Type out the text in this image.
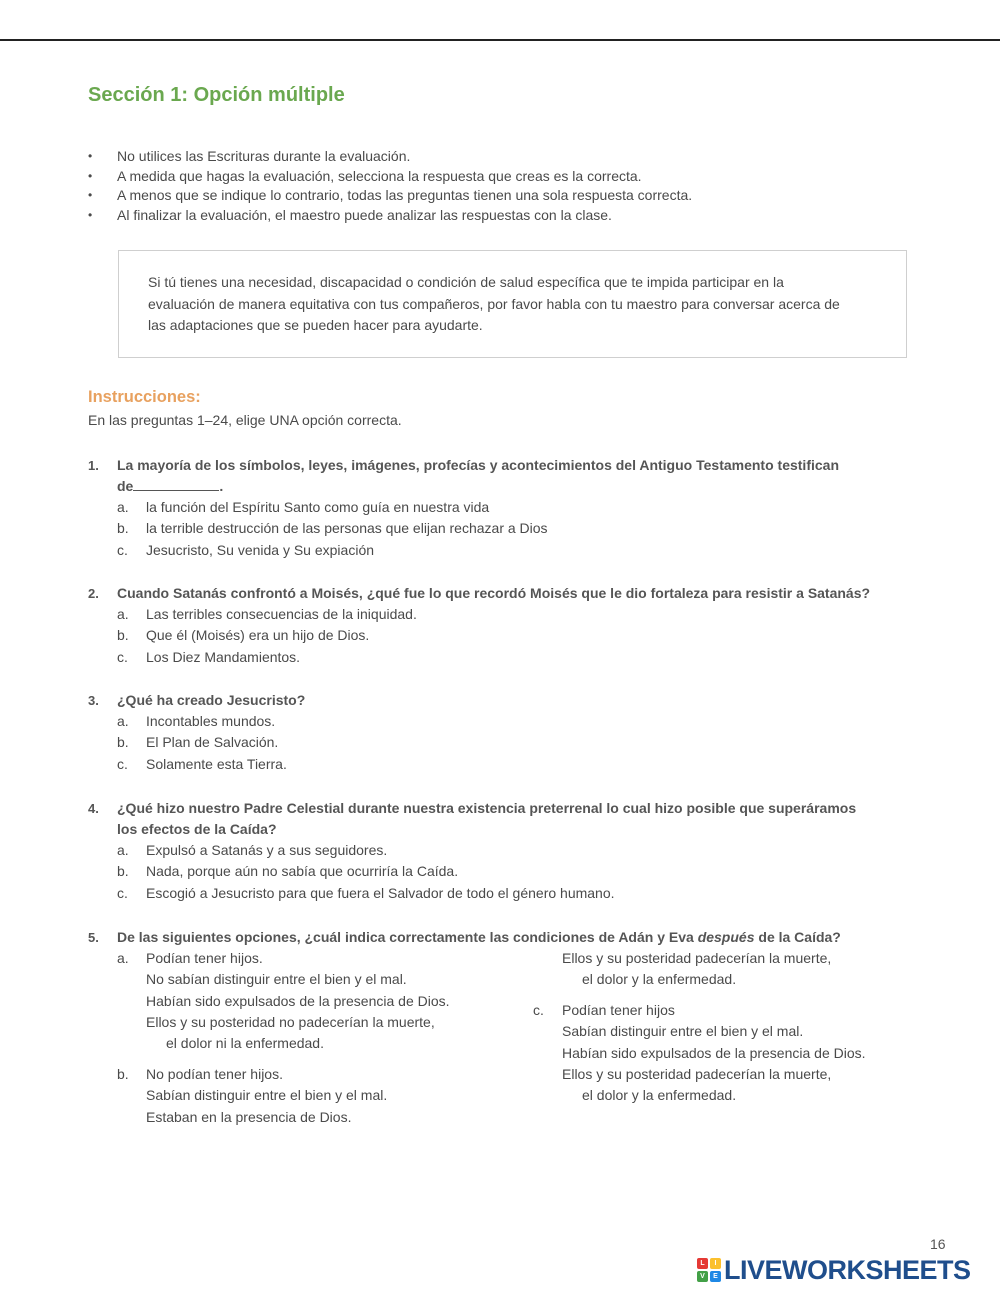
Sección 1: Opción múltiple
• No utilices las Escrituras durante la evaluación.
• A medida que hagas la evaluación, selecciona la respuesta que creas es la correcta.
• A menos que se indique lo contrario, todas las preguntas tienen una sola respuesta correcta.
• Al finalizar la evaluación, el maestro puede analizar las respuestas con la clase.
Si tú tienes una necesidad, discapacidad o condición de salud específica que te impida participar en la
evaluación de manera equitativa con tus compañeros, por favor habla con tu maestro para conversar acerca de
las adaptaciones que se pueden hacer para ayudarte.
Instrucciones:
En las preguntas 1–24, elige UNA opción correcta.
1. La mayoría de los símbolos, leyes, imágenes, profecías y acontecimientos del Antiguo Testamento testifican
de	.
a. la función del Espíritu Santo como guía en nuestra vida
b. la terrible destrucción de las personas que elijan rechazar a Dios
c. Jesucristo, Su venida y Su expiación
2. Cuando Satanás confrontó a Moisés, ¿qué fue lo que recordó Moisés que le dio fortaleza para resistir a Satanás?
a. Las terribles consecuencias de la iniquidad.
b. Que él (Moisés) era un hijo de Dios.
c. Los Diez Mandamientos.
3. ¿Qué ha creado Jesucristo?
a. Incontables mundos.
b. El Plan de Salvación.
c. Solamente esta Tierra.
4. ¿Qué hizo nuestro Padre Celestial durante nuestra existencia preterrenal lo cual hizo posible que superáramos
los efectos de la Caída?
a. Expulsó a Satanás y a sus seguidores.
b. Nada, porque aún no sabía que ocurriría la Caída.
c. Escogió a Jesucristo para que fuera el Salvador de todo el género humano.
5. De las siguientes opciones, ¿cuál indica correctamente las condiciones de Adán y Eva después de la Caída?
a. Podían tener hijos.
No sabían distinguir entre el bien y el mal.
Habían sido expulsados de la presencia de Dios.
Ellos y su posteridad no padecerían la muerte,
el dolor ni la enfermedad.
b. No podían tener hijos.
Sabían distinguir entre el bien y el mal.
Estaban en la presencia de Dios.
Ellos y su posteridad padecerían la muerte,
el dolor y la enfermedad.
c. Podían tener hijos
Sabían distinguir entre el bien y el mal.
Habían sido expulsados de la presencia de Dios.
Ellos y su posteridad padecerían la muerte,
el dolor y la enfermedad.
16
L	I
V	E LIVEWORKSHEETS
